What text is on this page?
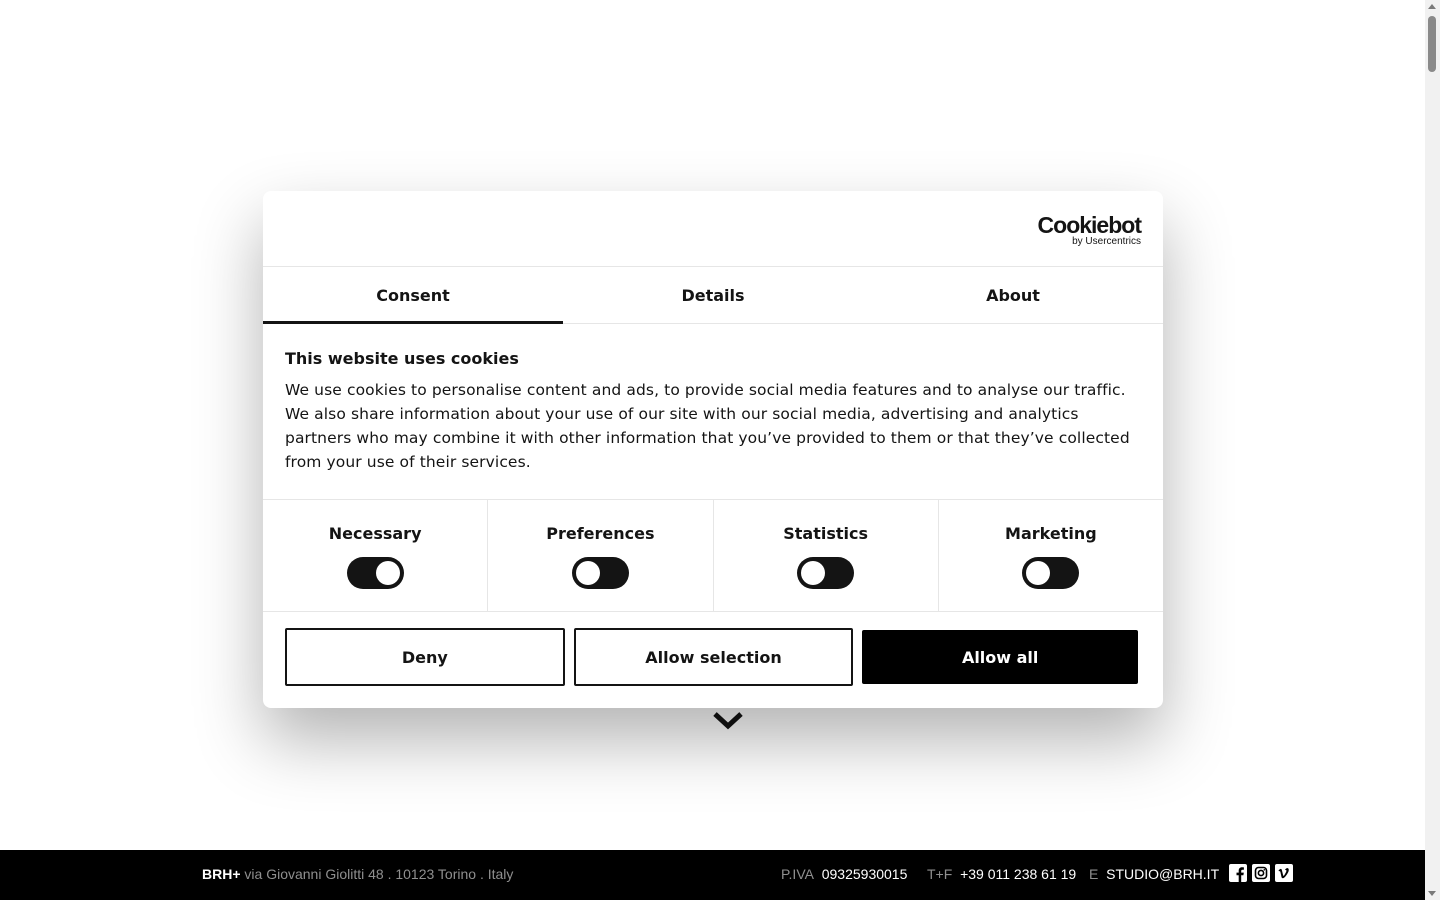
Cookiebot
by Usercentrics
Consent	Details	About
This website uses cookies
We use cookies to personalise content and ads, to provide social media features and to analyse our traffic. We also share information about your use of our site with our social media, advertising and analytics partners who may combine it with other information that you’ve provided to them or that they’ve collected from your use of their services.
Necessary	Preferences	Statistics	Marketing
Deny	Allow selection	Allow all
BRH+ via Giovanni Giolitti 48 . 10123 Torino . Italy	P.IVA 09325930015 T+F +39 011 238 61 19 E STUDIO@BRH.IT
